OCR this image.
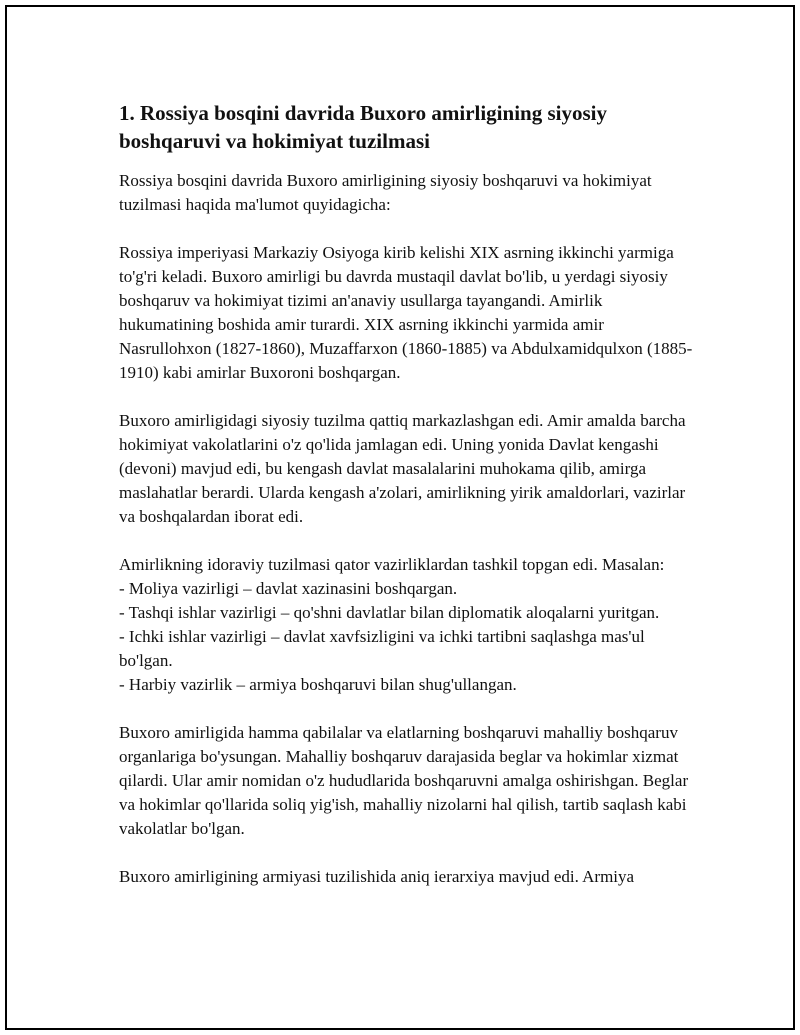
1. Rossiya bosqini davrida Buxoro amirligining siyosiy boshqaruvi va hokimiyat tuzilmasi

Rossiya bosqini davrida Buxoro amirligining siyosiy boshqaruvi va hokimiyat tuzilmasi haqida ma'lumot quyidagicha:

Rossiya imperiyasi Markaziy Osiyoga kirib kelishi XIX asrning ikkinchi yarmiga to'g'ri keladi. Buxoro amirligi bu davrda mustaqil davlat bo'lib, u yerdagi siyosiy boshqaruv va hokimiyat tizimi an'anaviy usullarga tayangandi. Amirlik hukumatining boshida amir turardi. XIX asrning ikkinchi yarmida amir Nasrullohxon (1827-1860), Muzaffarxon (1860-1885) va Abdulxamidqulxon (1885-1910) kabi amirlar Buxoroni boshqargan.

Buxoro amirligidagi siyosiy tuzilma qattiq markazlashgan edi. Amir amalda barcha hokimiyat vakolatlarini o'z qo'lida jamlagan edi. Uning yonida Davlat kengashi (devoni) mavjud edi, bu kengash davlat masalalarini muhokama qilib, amirga maslahatlar berardi. Ularda kengash a'zolari, amirlikning yirik amaldorlari, vazirlar va boshqalardan iborat edi.

Amirlikning idoraviy tuzilmasi qator vazirliklardan tashkil topgan edi. Masalan:

- Moliya vazirligi – davlat xazinasini boshqargan.
- Tashqi ishlar vazirligi – qo'shni davlatlar bilan diplomatik aloqalarni yuritgan.
- Ichki ishlar vazirligi – davlat xavfsizligini va ichki tartibni saqlashga mas'ul bo'lgan.
- Harbiy vazirlik – armiya boshqaruvi bilan shug'ullangan.

Buxoro amirligida hamma qabilalar va elatlarning boshqaruvi mahalliy boshqaruv organlariga bo'ysungan. Mahalliy boshqaruv darajasida beglar va hokimlar xizmat qilardi. Ular amir nomidan o'z hududlarida boshqaruvni amalga oshirishgan. Beglar va hokimlar qo'llarida soliq yig'ish, mahalliy nizolarni hal qilish, tartib saqlash kabi vakolatlar bo'lgan.

Buxoro amirligining armiyasi tuzilishida aniq ierarxiya mavjud edi. Armiya
